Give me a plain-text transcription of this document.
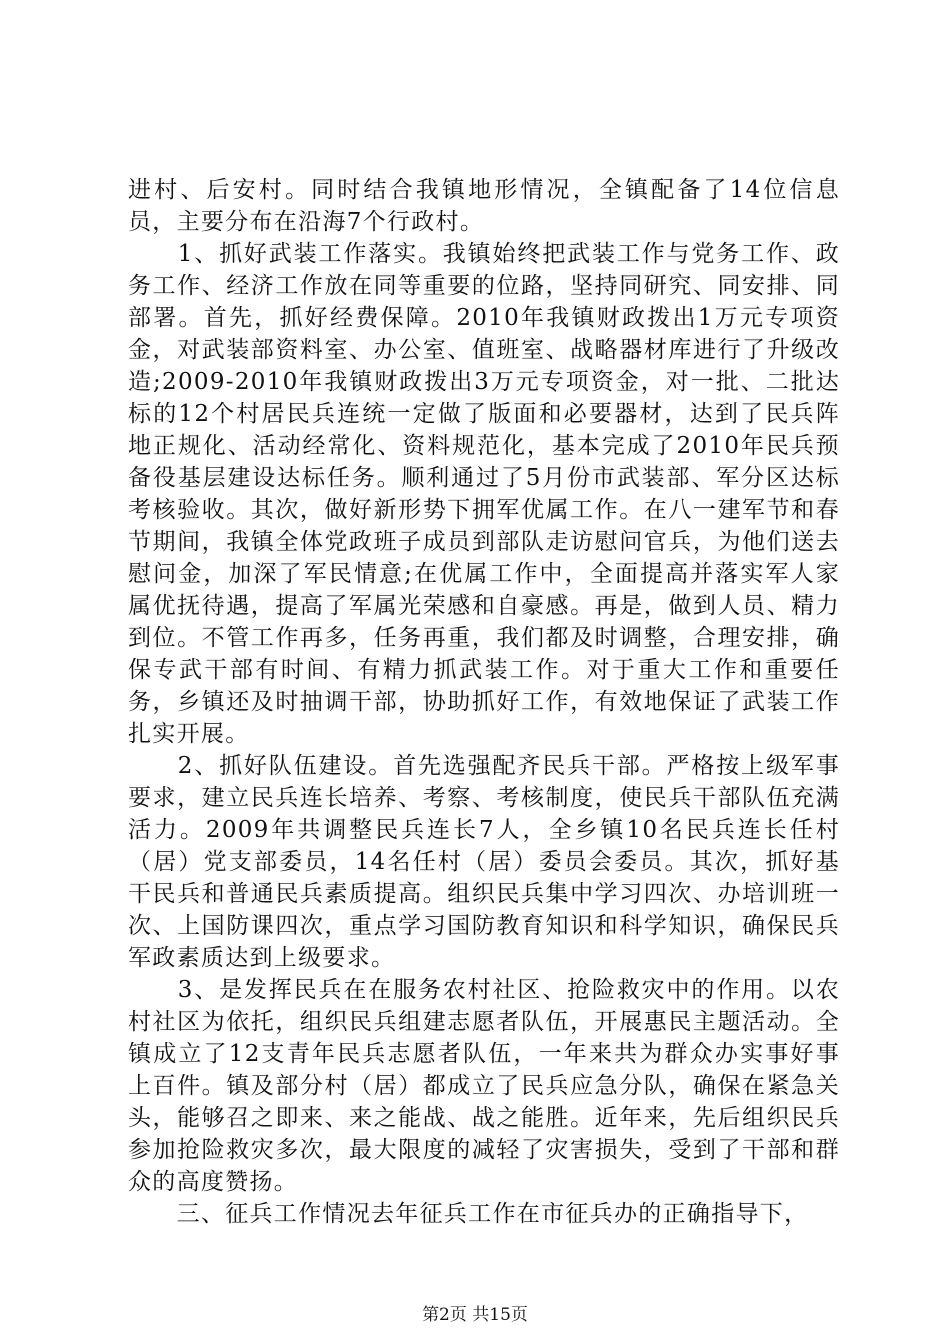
进村、后安村。同时结合我镇地形情况，全镇配备了14位信息员，主要分布在沿海7个行政村。

　　1、抓好武装工作落实。我镇始终把武装工作与党务工作、政务工作、经济工作放在同等重要的位路，坚持同研究、同安排、同部署。首先，抓好经费保障。2010年我镇财政拨出1万元专项资金，对武装部资料室、办公室、值班室、战略器材库进行了升级改造;2009-2010年我镇财政拨出3万元专项资金，对一批、二批达标的12个村居民兵连统一定做了版面和必要器材，达到了民兵阵地正规化、活动经常化、资料规范化，基本完成了2010年民兵预备役基层建设达标任务。顺利通过了5月份市武装部、军分区达标考核验收。其次，做好新形势下拥军优属工作。在八一建军节和春节期间，我镇全体党政班子成员到部队走访慰问官兵，为他们送去慰问金，加深了军民情意;在优属工作中，全面提高并落实军人家属优抚待遇，提高了军属光荣感和自豪感。再是，做到人员、精力到位。不管工作再多，任务再重，我们都及时调整，合理安排，确保专武干部有时间、有精力抓武装工作。对于重大工作和重要任务，乡镇还及时抽调干部，协助抓好工作，有效地保证了武装工作扎实开展。

　　2、抓好队伍建设。首先选强配齐民兵干部。严格按上级军事要求，建立民兵连长培养、考察、考核制度，使民兵干部队伍充满活力。2009年共调整民兵连长7人，全乡镇10名民兵连长任村（居）党支部委员，14名任村（居）委员会委员。其次，抓好基干民兵和普通民兵素质提高。组织民兵集中学习四次、办培训班一次、上国防课四次，重点学习国防教育知识和科学知识，确保民兵军政素质达到上级要求。

　　3、是发挥民兵在在服务农村社区、抢险救灾中的作用。以农村社区为依托，组织民兵组建志愿者队伍，开展惠民主题活动。全镇成立了12支青年民兵志愿者队伍，一年来共为群众办实事好事上百件。镇及部分村（居）都成立了民兵应急分队，确保在紧急关头，能够召之即来、来之能战、战之能胜。近年来，先后组织民兵参加抢险救灾多次，最大限度的减轻了灾害损失，受到了干部和群众的高度赞扬。

　　三、征兵工作情况去年征兵工作在市征兵办的正确指导下，

第2页 共15页
